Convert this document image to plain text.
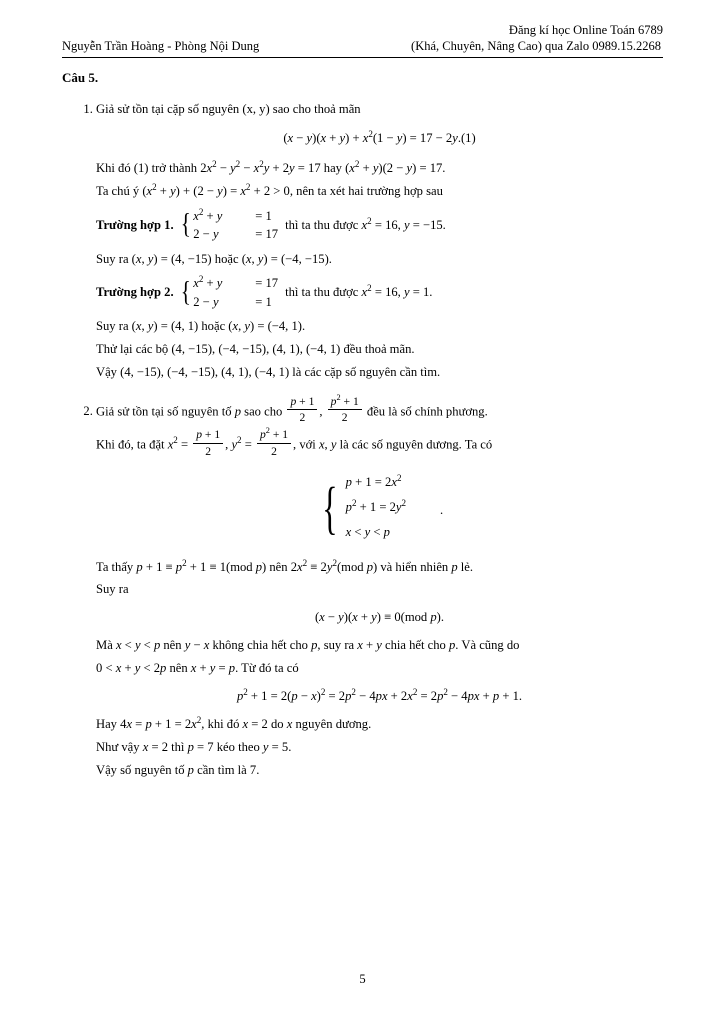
Đăng kí học Online Toán 6789
Nguyễn Trần Hoàng - Phòng Nội Dung	(Khá, Chuyên, Nâng Cao) qua Zalo 0989.15.2268
Câu 5.
1. Giả sử tồn tại cặp số nguyên (x, y) sao cho thoả mãn
$(x - y)(x + y) + x^2(1 - y) = 17 - 2y.(1)$
Khi đó (1) trở thành $2x^2 - y^2 - x^2y + 2y = 17$ hay $(x^2 + y)(2 - y) = 17$.
Ta chú ý $(x^2 + y) + (2 - y) = x^2 + 2 > 0$, nên ta xét hai trường hợp sau
Trường hợp 1. { $x^2 + y$	= 1
2 − y	= 17
thì ta thu được $x^2 = 16$, y = −15.
Suy ra (x, y) = (4, −15) hoặc (x, y) = (−4, −15).
Trường hợp 2. { $x^2 + y$	= 17
2 − y	= 1
thì ta thu được $x^2 = 16$, y = 1.
Suy ra (x, y) = (4, 1) hoặc (x, y) = (−4, 1).
Thử lại các bộ (4, −15), (−4, −15), (4, 1), (−4, 1) đều thoả mãn.
Vậy (4, −15), (−4, −15), (4, 1), (−4, 1) là các cặp số nguyên cần tìm.
2. Giả sử tồn tại số nguyên tố p sao cho $\frac{p + 1}{2}$ , $\frac{p^2 + 1}{2}$ đều là số chính phương.
Khi đó, ta đặt $x^2 = \frac{p + 1}{2}$ , $y^2 = \frac{p^2 + 1}{2}$ , với x, y là các số nguyên dương. Ta có
{ $p + 1 = 2x^2$
$p^2 + 1 = 2y^2$
x < y < p
.
Ta thấy $p + 1 \equiv p^2 + 1 \equiv 1(mod$ p) nên $2x^2 \equiv 2y^2(mod$ p) và hiển nhiên p lẻ.
Suy ra
(x − y)(x + y) ≡ 0(mod p).
Mà x < y < p nên y − x không chia hết cho p, suy ra x + y chia hết cho p. Và cũng do
0 < x + y < 2p nên x + y = p. Từ đó ta có
$p^2 + 1 = 2(p - x)^2 = 2p^2 - 4px + 2x^2 = 2p^2 - 4px + p + 1$.
Hay $4x = p + 1 = 2x^2$, khi đó x = 2 do x nguyên dương.
Như vậy x = 2 thì p = 7 kéo theo y = 5.
Vậy số nguyên tố p cần tìm là 7.
5
